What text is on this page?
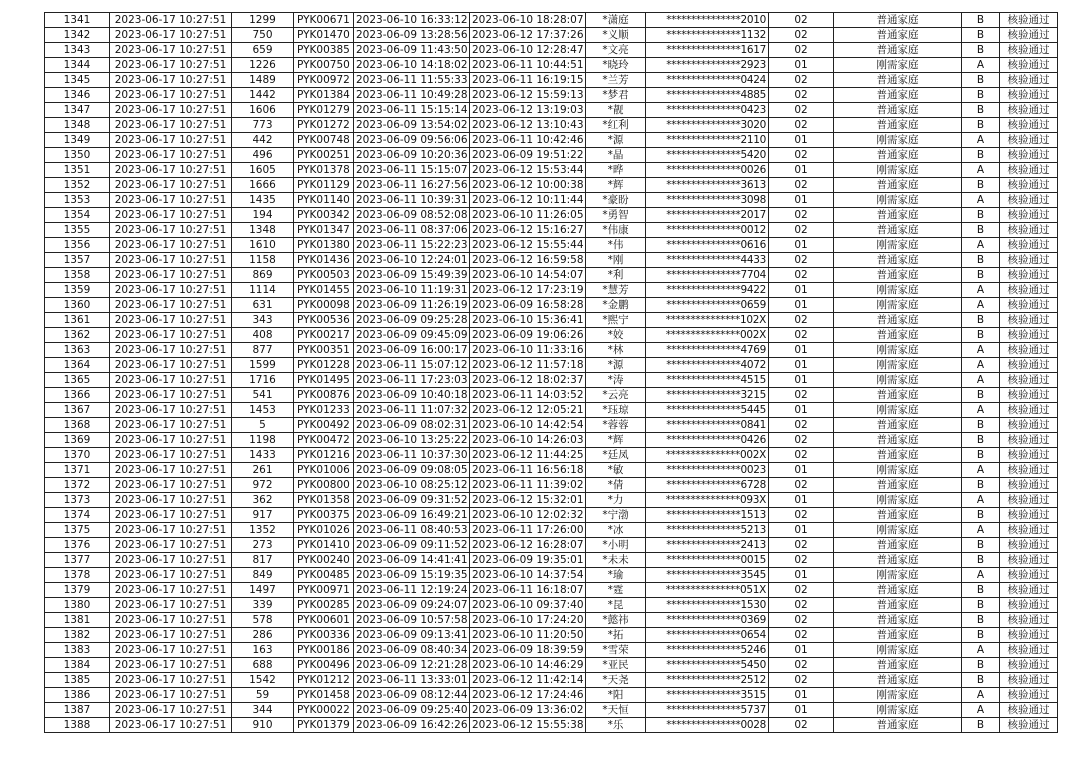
1341	2023-06-17 10:27:51	1299	PYK00671	2023-06-10 16:33:12	2023-06-10 18:28:07	*潇庭	***************2010	02	普通家庭	B	核验通过
1342	2023-06-17 10:27:51	750	PYK01470	2023-06-09 13:28:56	2023-06-12 17:37:26	*义顺	***************1132	02	普通家庭	B	核验通过
1343	2023-06-17 10:27:51	659	PYK00385	2023-06-09 11:43:50	2023-06-10 12:28:47	*文亮	***************1617	02	普通家庭	B	核验通过
1344	2023-06-17 10:27:51	1226	PYK00750	2023-06-10 14:18:02	2023-06-11 10:44:51	*晓玲	***************2923	01	刚需家庭	A	核验通过
1345	2023-06-17 10:27:51	1489	PYK00972	2023-06-11 11:55:33	2023-06-11 16:19:15	*兰芳	***************0424	02	普通家庭	B	核验通过
1346	2023-06-17 10:27:51	1442	PYK01384	2023-06-11 10:49:28	2023-06-12 15:59:13	*梦君	***************4885	02	普通家庭	B	核验通过
1347	2023-06-17 10:27:51	1606	PYK01279	2023-06-11 15:15:14	2023-06-12 13:19:03	*靓	***************0423	02	普通家庭	B	核验通过
1348	2023-06-17 10:27:51	773	PYK01272	2023-06-09 13:54:02	2023-06-12 13:10:43	*红利	***************3020	02	普通家庭	B	核验通过
1349	2023-06-17 10:27:51	442	PYK00748	2023-06-09 09:56:06	2023-06-11 10:42:46	*源	***************2110	01	刚需家庭	A	核验通过
1350	2023-06-17 10:27:51	496	PYK00251	2023-06-09 10:20:36	2023-06-09 19:51:22	*晶	***************5420	02	普通家庭	B	核验通过
1351	2023-06-17 10:27:51	1605	PYK01378	2023-06-11 15:15:07	2023-06-12 15:53:44	*晔	***************0026	01	刚需家庭	A	核验通过
1352	2023-06-17 10:27:51	1666	PYK01129	2023-06-11 16:27:56	2023-06-12 10:00:38	*辉	***************3613	02	普通家庭	B	核验通过
1353	2023-06-17 10:27:51	1435	PYK01140	2023-06-11 10:39:31	2023-06-12 10:11:44	*豪盼	***************3098	01	刚需家庭	A	核验通过
1354	2023-06-17 10:27:51	194	PYK00342	2023-06-09 08:52:08	2023-06-10 11:26:05	*勇智	***************2017	02	普通家庭	B	核验通过
1355	2023-06-17 10:27:51	1348	PYK01347	2023-06-11 08:37:06	2023-06-12 15:16:27	*伟康	***************0012	02	普通家庭	B	核验通过
1356	2023-06-17 10:27:51	1610	PYK01380	2023-06-11 15:22:23	2023-06-12 15:55:44	*伟	***************0616	01	刚需家庭	A	核验通过
1357	2023-06-17 10:27:51	1158	PYK01436	2023-06-10 12:24:01	2023-06-12 16:59:58	*刚	***************4433	02	普通家庭	B	核验通过
1358	2023-06-17 10:27:51	869	PYK00503	2023-06-09 15:49:39	2023-06-10 14:54:07	*利	***************7704	02	普通家庭	B	核验通过
1359	2023-06-17 10:27:51	1114	PYK01455	2023-06-10 11:19:31	2023-06-12 17:23:19	*慧芳	***************9422	01	刚需家庭	A	核验通过
1360	2023-06-17 10:27:51	631	PYK00098	2023-06-09 11:26:19	2023-06-09 16:58:28	*金鹏	***************0659	01	刚需家庭	A	核验通过
1361	2023-06-17 10:27:51	343	PYK00536	2023-06-09 09:25:28	2023-06-10 15:36:41	*熙宁	***************102X	02	普通家庭	B	核验通过
1362	2023-06-17 10:27:51	408	PYK00217	2023-06-09 09:45:09	2023-06-09 19:06:26	*姣	***************002X	02	普通家庭	B	核验通过
1363	2023-06-17 10:27:51	877	PYK00351	2023-06-09 16:00:17	2023-06-10 11:33:16	*林	***************4769	01	刚需家庭	A	核验通过
1364	2023-06-17 10:27:51	1599	PYK01228	2023-06-11 15:07:12	2023-06-12 11:57:18	*源	***************4072	01	刚需家庭	A	核验通过
1365	2023-06-17 10:27:51	1716	PYK01495	2023-06-11 17:23:03	2023-06-12 18:02:37	*涛	***************4515	01	刚需家庭	A	核验通过
1366	2023-06-17 10:27:51	541	PYK00876	2023-06-09 10:40:18	2023-06-11 14:03:52	*云亮	***************3215	02	普通家庭	B	核验通过
1367	2023-06-17 10:27:51	1453	PYK01233	2023-06-11 11:07:32	2023-06-12 12:05:21	*珏琼	***************5445	01	刚需家庭	A	核验通过
1368	2023-06-17 10:27:51	5	PYK00492	2023-06-09 08:02:31	2023-06-10 14:42:54	*蓉蓉	***************0841	02	普通家庭	B	核验通过
1369	2023-06-17 10:27:51	1198	PYK00472	2023-06-10 13:25:22	2023-06-10 14:26:03	*辉	***************0426	02	普通家庭	B	核验通过
1370	2023-06-17 10:27:51	1433	PYK01216	2023-06-11 10:37:30	2023-06-12 11:44:25	*廷凤	***************002X	02	普通家庭	B	核验通过
1371	2023-06-17 10:27:51	261	PYK01006	2023-06-09 09:08:05	2023-06-11 16:56:18	*敏	***************0023	01	刚需家庭	A	核验通过
1372	2023-06-17 10:27:51	972	PYK00800	2023-06-10 08:25:12	2023-06-11 11:39:02	*倩	***************6728	02	普通家庭	B	核验通过
1373	2023-06-17 10:27:51	362	PYK01358	2023-06-09 09:31:52	2023-06-12 15:32:01	*力	***************093X	01	刚需家庭	A	核验通过
1374	2023-06-17 10:27:51	917	PYK00375	2023-06-09 16:49:21	2023-06-10 12:02:32	*宁渤	***************1513	02	普通家庭	B	核验通过
1375	2023-06-17 10:27:51	1352	PYK01026	2023-06-11 08:40:53	2023-06-11 17:26:00	*冰	***************5213	01	刚需家庭	A	核验通过
1376	2023-06-17 10:27:51	273	PYK01410	2023-06-09 09:11:52	2023-06-12 16:28:07	*小明	***************2413	02	普通家庭	B	核验通过
1377	2023-06-17 10:27:51	817	PYK00240	2023-06-09 14:41:41	2023-06-09 19:35:01	*未未	***************0015	02	普通家庭	B	核验通过
1378	2023-06-17 10:27:51	849	PYK00485	2023-06-09 15:19:35	2023-06-10 14:37:54	*瑜	***************3545	01	刚需家庭	A	核验通过
1379	2023-06-17 10:27:51	1497	PYK00971	2023-06-11 12:19:24	2023-06-11 16:18:07	*霆	***************051X	02	普通家庭	B	核验通过
1380	2023-06-17 10:27:51	339	PYK00285	2023-06-09 09:24:07	2023-06-10 09:37:40	*昆	***************1530	02	普通家庭	B	核验通过
1381	2023-06-17 10:27:51	578	PYK00601	2023-06-09 10:57:58	2023-06-10 17:24:20	*懿祎	***************0369	02	普通家庭	B	核验通过
1382	2023-06-17 10:27:51	286	PYK00336	2023-06-09 09:13:41	2023-06-10 11:20:50	*拓	***************0654	02	普通家庭	B	核验通过
1383	2023-06-17 10:27:51	163	PYK00186	2023-06-09 08:40:34	2023-06-09 18:39:59	*雪荣	***************5246	01	刚需家庭	A	核验通过
1384	2023-06-17 10:27:51	688	PYK00496	2023-06-09 12:21:28	2023-06-10 14:46:29	*亚民	***************5450	02	普通家庭	B	核验通过
1385	2023-06-17 10:27:51	1542	PYK01212	2023-06-11 13:33:01	2023-06-12 11:42:14	*天尧	***************2512	02	普通家庭	B	核验通过
1386	2023-06-17 10:27:51	59	PYK01458	2023-06-09 08:12:44	2023-06-12 17:24:46	*阳	***************3515	01	刚需家庭	A	核验通过
1387	2023-06-17 10:27:51	344	PYK00022	2023-06-09 09:25:40	2023-06-09 13:36:02	*天恒	***************5737	01	刚需家庭	A	核验通过
1388	2023-06-17 10:27:51	910	PYK01379	2023-06-09 16:42:26	2023-06-12 15:55:38	*乐	***************0028	02	普通家庭	B	核验通过
